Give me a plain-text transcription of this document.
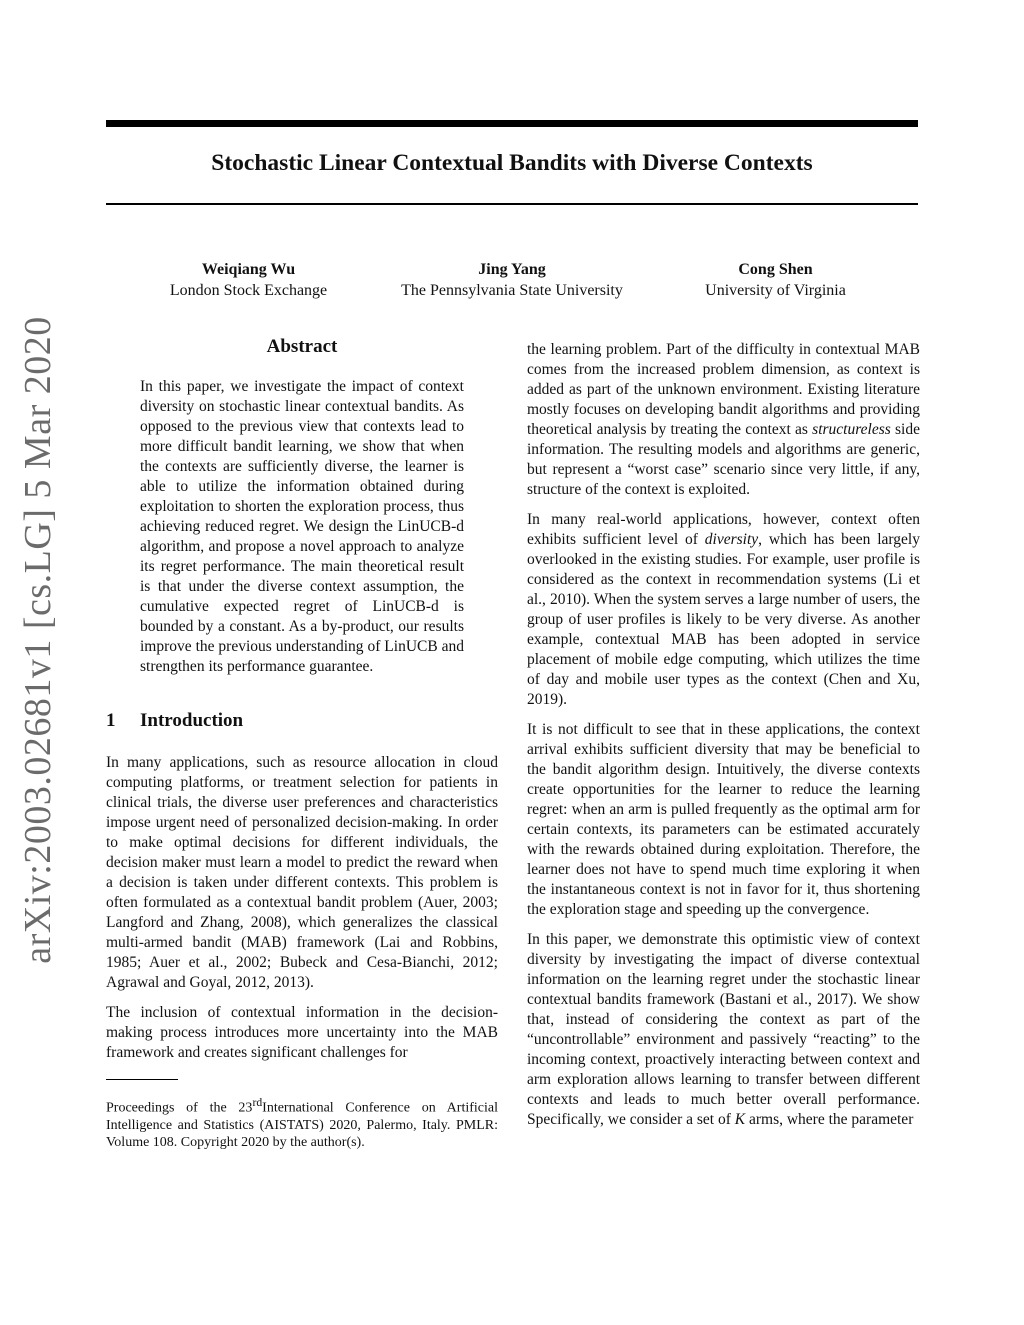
arXiv:2003.02681v1 [cs.LG] 5 Mar 2020
Stochastic Linear Contextual Bandits with Diverse Contexts
Weiqiang Wu
London Stock Exchange
Jing Yang
The Pennsylvania State University
Cong Shen
University of Virginia
Abstract

In this paper, we investigate the impact of context diversity on stochastic linear contextual bandits. As opposed to the previous view that contexts lead to more difficult bandit learning, we show that when the contexts are sufficiently diverse, the learner is able to utilize the information obtained during exploitation to shorten the exploration process, thus achieving reduced regret. We design the LinUCB-d algorithm, and propose a novel approach to analyze its regret performance. The main theoretical result is that under the diverse context assumption, the cumulative expected regret of LinUCB-d is bounded by a constant. As a by-product, our results improve the previous understanding of LinUCB and strengthen its performance guarantee.

1 Introduction

In many applications, such as resource allocation in cloud computing platforms, or treatment selection for patients in clinical trials, the diverse user preferences and characteristics impose urgent need of personalized decision-making. In order to make optimal decisions for different individuals, the decision maker must learn a model to predict the reward when a decision is taken under different contexts. This problem is often formulated as a contextual bandit problem (Auer, 2003; Langford and Zhang, 2008), which generalizes the classical multi-armed bandit (MAB) framework (Lai and Robbins, 1985; Auer et al., 2002; Bubeck and Cesa-Bianchi, 2012; Agrawal and Goyal, 2012, 2013).

The inclusion of contextual information in the decision-making process introduces more uncertainty into the MAB framework and creates significant challenges for

Proceedings of the 23rdInternational Conference on Artificial Intelligence and Statistics (AISTATS) 2020, Palermo, Italy. PMLR: Volume 108. Copyright 2020 by the author(s).

the learning problem. Part of the difficulty in contextual MAB comes from the increased problem dimension, as context is added as part of the unknown environment. Existing literature mostly focuses on developing bandit algorithms and providing theoretical analysis by treating the context as structureless side information. The resulting models and algorithms are generic, but represent a “worst case” scenario since very little, if any, structure of the context is exploited.

In many real-world applications, however, context often exhibits sufficient level of diversity, which has been largely overlooked in the existing studies. For example, user profile is considered as the context in recommendation systems (Li et al., 2010). When the system serves a large number of users, the group of user profiles is likely to be very diverse. As another example, contextual MAB has been adopted in service placement of mobile edge computing, which utilizes the time of day and mobile user types as the context (Chen and Xu, 2019).

It is not difficult to see that in these applications, the context arrival exhibits sufficient diversity that may be beneficial to the bandit algorithm design. Intuitively, the diverse contexts create opportunities for the learner to reduce the learning regret: when an arm is pulled frequently as the optimal arm for certain contexts, its parameters can be estimated accurately with the rewards obtained during exploitation. Therefore, the learner does not have to spend much time exploring it when the instantaneous context is not in favor for it, thus shortening the exploration stage and speeding up the convergence.

In this paper, we demonstrate this optimistic view of context diversity by investigating the impact of diverse contextual information on the learning regret under the stochastic linear contextual bandits framework (Bastani et al., 2017). We show that, instead of considering the context as part of the “uncontrollable” environment and passively “reacting” to the incoming context, proactively interacting between context and arm exploration allows learning to transfer between different contexts and leads to much better overall performance. Specifically, we consider a set of K arms, where the parameter
